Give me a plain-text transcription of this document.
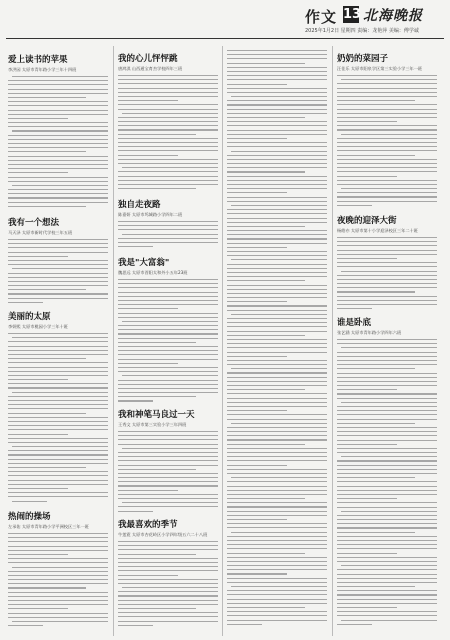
作文 13 北海晚报
2025年1月2日 星期四 责编：龙艳萍 美编：傅学诚
爱上读书的苹果
李洪园 太原市青年路小学三年十四班
我有一个想法
马天泽 太原市新时代学校三年五班
美丽的太原
李妍熙 太原市桃园小学三年十班
热闹的操场
左承佑 太原市青年路小学平洲校区三年一班
我的心儿怦怦跳
唐鸿淇 山西通宝育杰学校四年三班
独自走夜路
陈嘉妍 太原市坞城路小学四年二班
我是"大富翁"
魏思远 太原市晋阳太和外小五年23班
我和神笔马良过一天
王秀文 太原市第三实验小学三年四班
我最喜欢的季节
牛莲霓 太原市杏花岭区小学四年级五六二十八班
奶奶的菜园子
汪佳乐 太原市阳泉学区第三实验小学三年一班
夜晚的迎泽大街
杨皓亦 太原市第十小学迎泽校区三年二十班
谁是卧底
张艺涵 太原市青年路小学四年六班
